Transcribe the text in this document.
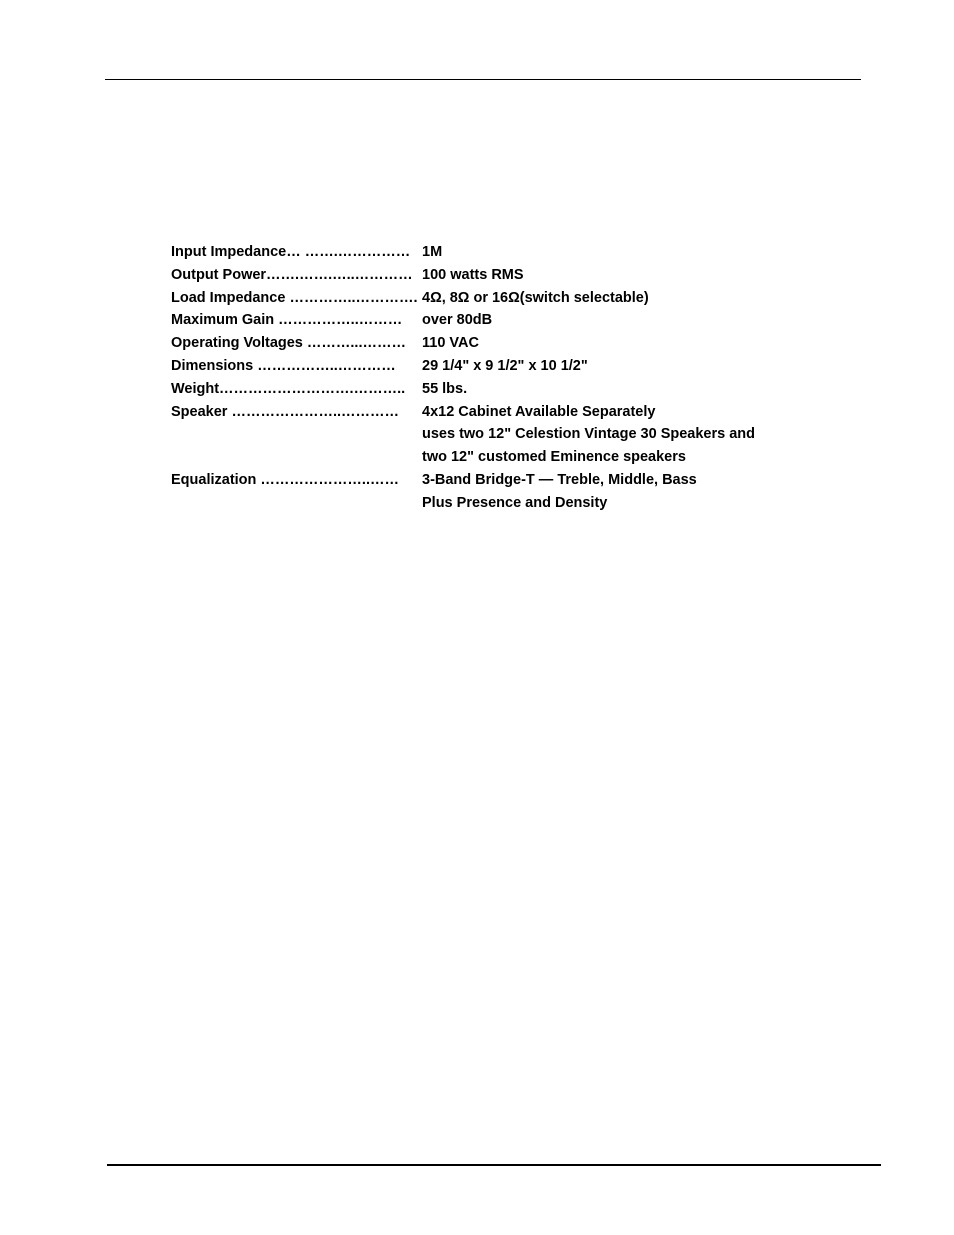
Input Impedance… …….…………… 1M
Output Power…….…….…..………… 100 watts RMS
Load Impedance …………..…………. 4Ω, 8Ω or 16Ω(switch selectable)
Maximum Gain ……………..………	over 80dB
Operating Voltages ………...………	110 VAC
Dimensions ……………..…………	29 1/4" x 9 1/2" x 10 1/2"
Weight……………………….………..	55 lbs.
Speaker …………………..…………	4x12 Cabinet Available Separately
uses two 12" Celestion Vintage 30 Speakers and
two 12" customed Eminence speakers
Equalization …………………..……	3-Band Bridge-T — Treble, Middle, Bass
Plus Presence and Density
